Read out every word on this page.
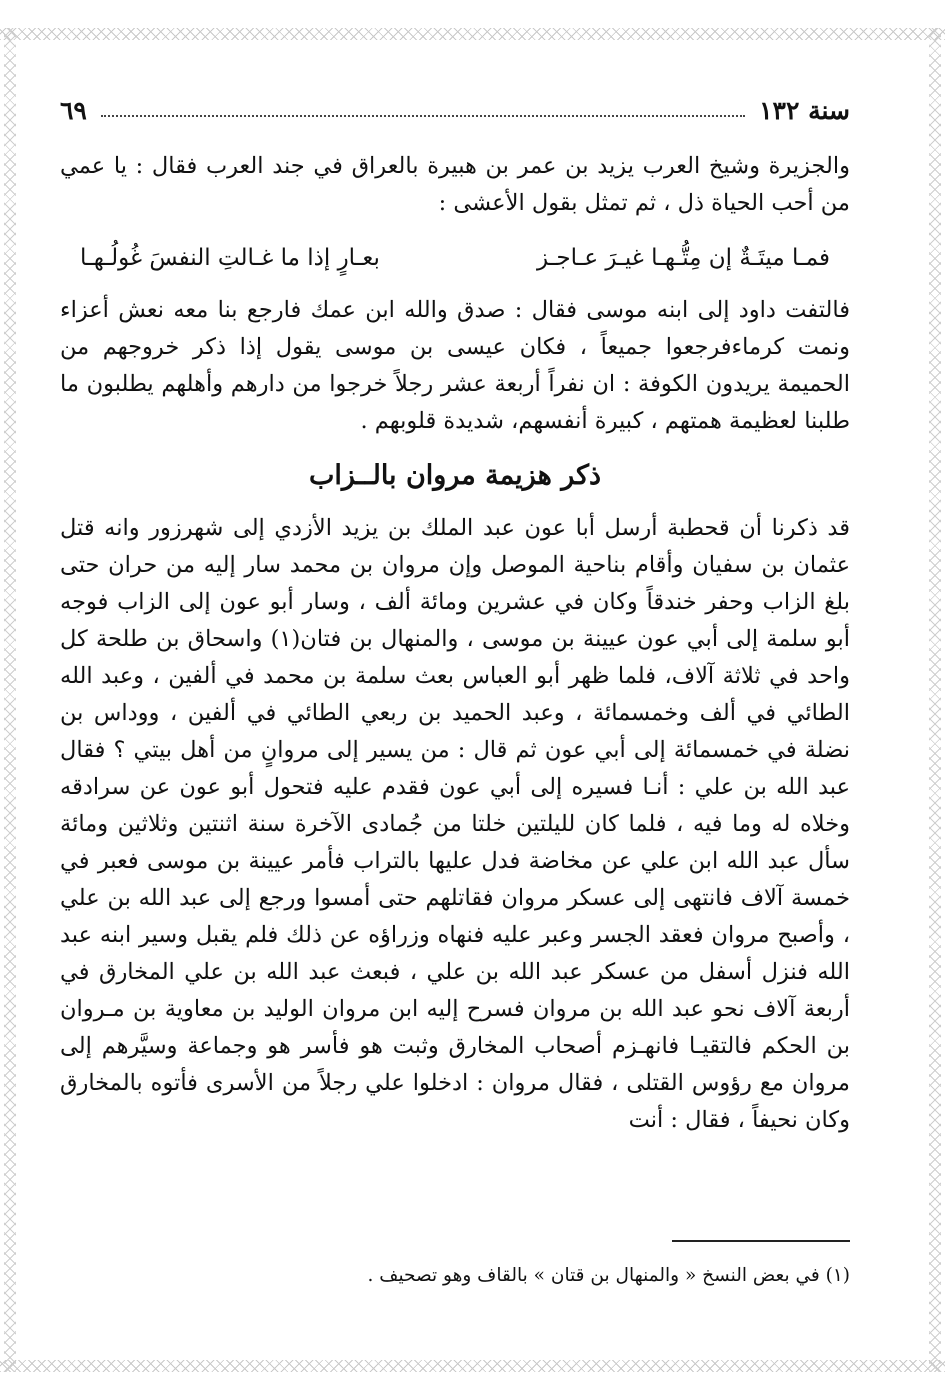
سنة ١٣٢
٦٩

والجزيرة وشيخ العرب يزيد بن عمر بن هبيرة بالعراق في جند العرب فقال : يا عمي من أحب الحياة ذل ، ثم تمثل بقول الأعشى :

فمـا ميتَـةٌ إن مِتُّـهـا غيـرَ عـاجـز
بعـارٍ إذا ما غـالتِ النفسَ غُولُـهـا

فالتفت داود إلى ابنه موسى فقال : صدق والله ابن عمك فارجع بنا معه نعش أعزاء ونمت كرماءفرجعوا جميعاً ، فكان عيسى بن موسى يقول إذا ذكر خروجهم من الحميمة يريدون الكوفة : ان نفراً أربعة عشر رجلاً خرجوا من دارهم وأهلهم يطلبون ما طلبنا لعظيمة همتهم ، كبيرة أنفسهم، شديدة قلوبهم .

ذكر هزيمة مروان بالــزاب

قد ذكرنا أن قحطبة أرسل أبا عون عبد الملك بن يزيد الأزدي إلى شهرزور وانه قتل عثمان بن سفيان وأقام بناحية الموصل وإن مروان بن محمد سار إليه من حران حتى بلغ الزاب وحفر خندقاً وكان في عشرين ومائة ألف ، وسار أبو عون إلى الزاب فوجه أبو سلمة إلى أبي عون عيينة بن موسى ، والمنهال بن فتان(١) واسحاق بن طلحة كل واحد في ثلاثة آلاف، فلما ظهر أبو العباس بعث سلمة بن محمد في ألفين ، وعبد الله الطائي في ألف وخمسمائة ، وعبد الحميد بن ربعي الطائي في ألفين ، ووداس بن نضلة في خمسمائة إلى أبي عون ثم قال : من يسير إلى مروانٍ من أهل بيتي ؟ فقال عبد الله بن علي : أنـا فسيره إلى أبي عون فقدم عليه فتحول أبو عون عن سرادقه وخلاه له وما فيه ، فلما كان لليلتين خلتا من جُمادى الآخرة سنة اثنتين وثلاثين ومائة سأل عبد الله ابن علي عن مخاضة فدل عليها بالتراب فأمر عيينة بن موسى فعبر في خمسة آلاف فانتهى إلى عسكر مروان فقاتلهم حتى أمسوا ورجع إلى عبد الله بن علي ، وأصبح مروان فعقد الجسر وعبر عليه فنهاه وزراؤه عن ذلك فلم يقبل وسير ابنه عبد الله فنزل أسفل من عسكر عبد الله بن علي ، فبعث عبد الله بن علي المخارق في أربعة آلاف نحو عبد الله بن مروان فسرح إليه ابن مروان الوليد بن معاوية بن مـروان بن الحكم فالتقيـا فانهـزم أصحاب المخارق وثبت هو فأسر هو وجماعة وسيَّرهم إلى مروان مع رؤوس القتلى ، فقال مروان : ادخلوا علي رجلاً من الأسرى فأتوه بالمخارق وكان نحيفاً ، فقال : أنت

(١) في بعض النسخ « والمنهال بن قتان » بالقاف وهو تصحيف .
